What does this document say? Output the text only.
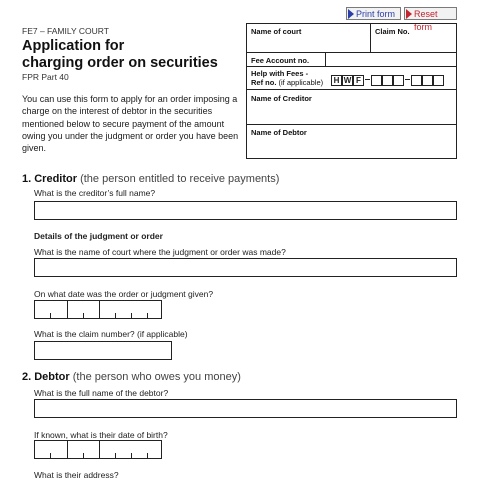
Print form	Reset form
FE7 – FAMILY COURT
Application for
charging order on securities
FPR Part 40
You can use this form to apply for an order imposing a charge on the interest of debtor in the securities mentioned below to secure payment of the amount owing you under the judgment or order you have been given.
Name of court	Claim No.
Fee Account no.
Help with Fees -
Ref no. (if applicable)	H W F
Name of Creditor
Name of Debtor
1. Creditor (the person entitled to receive payments)
What is the creditor’s full name?
Details of the judgment or order
What is the name of court where the judgment or order was made?
On what date was the order or judgment given?
What is the claim number? (if applicable)
2. Debtor (the person who owes you money)
What is the full name of the debtor?
If known, what is their date of birth?
What is their address?
